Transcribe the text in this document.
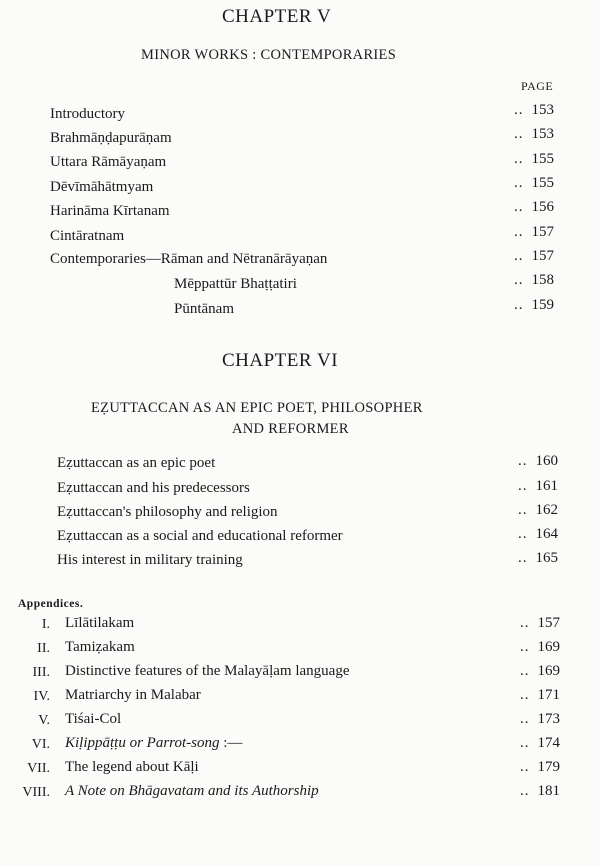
CHAPTER V
MINOR WORKS : CONTEMPORARIES
PAGE
Introductory	.. 153
Brahmāṇḍapurāṇam	.. 153
Uttara Rāmāyaṇam	.. 155
Dēvīmāhātmyam	.. 155
Harināma Kīrtanam	.. 156
Cintāratnam	.. 157
Contemporaries—Rāman and Nētranārāyaṇan	.. 157
Mēppattūr Bhaṭṭatiri	.. 158
Pūntānam	.. 159
CHAPTER VI
EẒUTTACCAN AS AN EPIC POET, PHILOSOPHER
AND REFORMER
Eẓuttaccan as an epic poet	.. 160
Eẓuttaccan and his predecessors	.. 161
Eẓuttaccan's philosophy and religion	.. 162
Eẓuttaccan as a social and educational reformer	.. 164
His interest in military training	.. 165
Appendices.
I. Līlātilakam	.. 157
II. Tamiẓakam	.. 169
III. Distinctive features of the Malayāḷam language	.. 169
IV. Matriarchy in Malabar	.. 171
V. Tiśai-Col	.. 173
VI. Kiḷippāṭṭu or Parrot-song :—	.. 174
VII. The legend about Kāḷi	.. 179
VIII. A Note on Bhāgavatam and its Authorship	.. 181
